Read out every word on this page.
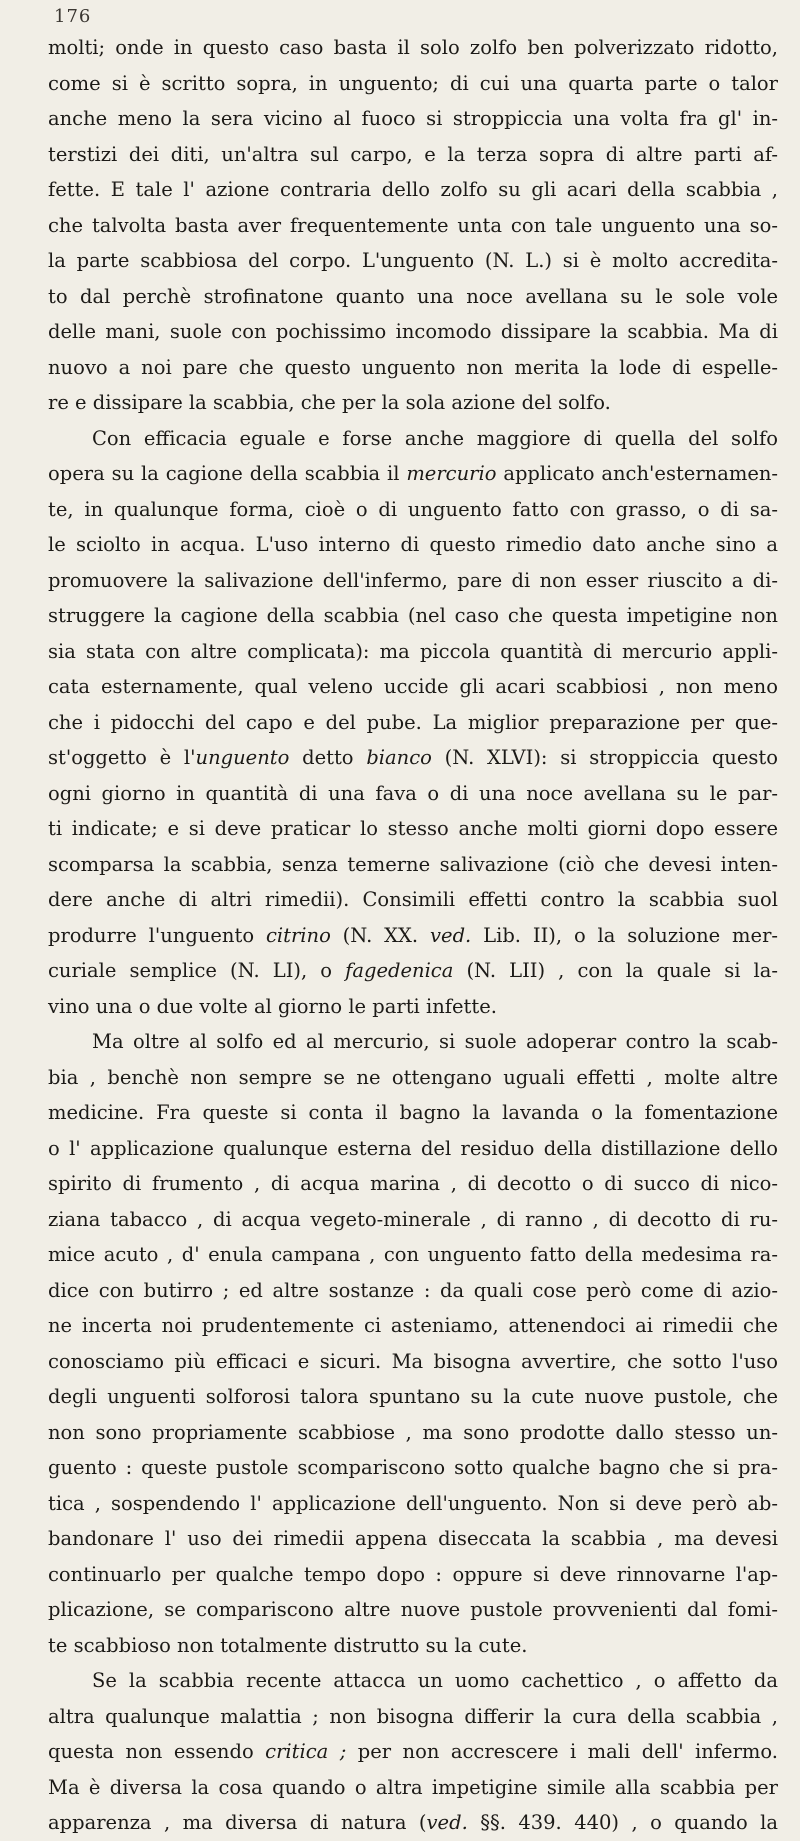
176
molti; onde in questo caso basta il solo zolfo ben polverizzato ridotto,
come si è scritto sopra, in unguento; di cui una quarta parte o talor
anche meno la sera vicino al fuoco si stroppiccia una volta fra gl' in-
terstizi dei diti, un'altra sul carpo, e la terza sopra di altre parti af-
fette. E tale l' azione contraria dello zolfo su gli acari della scabbia ,
che talvolta basta aver frequentemente unta con tale unguento una so-
la parte scabbiosa del corpo. L'unguento (N. L.) si è molto accredita-
to dal perchè strofinatone quanto una noce avellana su le sole vole
delle mani, suole con pochissimo incomodo dissipare la scabbia. Ma di
nuovo a noi pare che questo unguento non merita la lode di espelle-
re e dissipare la scabbia, che per la sola azione del solfo.
Con efficacia eguale e forse anche maggiore di quella del solfo
opera su la cagione della scabbia il mercurio applicato anch'esternamen-
te, in qualunque forma, cioè o di unguento fatto con grasso, o di sa-
le sciolto in acqua. L'uso interno di questo rimedio dato anche sino a
promuovere la salivazione dell'infermo, pare di non esser riuscito a di-
struggere la cagione della scabbia (nel caso che questa impetigine non
sia stata con altre complicata): ma piccola quantità di mercurio appli-
cata esternamente, qual veleno uccide gli acari scabbiosi , non meno
che i pidocchi del capo e del pube. La miglior preparazione per que-
st'oggetto è l'unguento detto bianco (N. XLVI): si stroppiccia questo
ogni giorno in quantità di una fava o di una noce avellana su le par-
ti indicate; e si deve praticar lo stesso anche molti giorni dopo essere
scomparsa la scabbia, senza temerne salivazione (ciò che devesi inten-
dere anche di altri rimedii). Consimili effetti contro la scabbia suol
produrre l'unguento citrino (N. XX. ved. Lib. II), o la soluzione mer-
curiale semplice (N. LI), o fagedenica (N. LII) , con la quale si la-
vino una o due volte al giorno le parti infette.
Ma oltre al solfo ed al mercurio, si suole adoperar contro la scab-
bia , benchè non sempre se ne ottengano uguali effetti , molte altre
medicine. Fra queste si conta il bagno la lavanda o la fomentazione
o l' applicazione qualunque esterna del residuo della distillazione dello
spirito di frumento , di acqua marina , di decotto o di succo di nico-
ziana tabacco , di acqua vegeto-minerale , di ranno , di decotto di ru-
mice acuto , d' enula campana , con unguento fatto della medesima ra-
dice con butirro ; ed altre sostanze : da quali cose però come di azio-
ne incerta noi prudentemente ci asteniamo, attenendoci ai rimedii che
conosciamo più efficaci e sicuri. Ma bisogna avvertire, che sotto l'uso
degli unguenti solforosi talora spuntano su la cute nuove pustole, che
non sono propriamente scabbiose , ma sono prodotte dallo stesso un-
guento : queste pustole scompariscono sotto qualche bagno che si pra-
tica , sospendendo l' applicazione dell'unguento. Non si deve però ab-
bandonare l' uso dei rimedii appena diseccata la scabbia , ma devesi
continuarlo per qualche tempo dopo : oppure si deve rinnovarne l'ap-
plicazione, se compariscono altre nuove pustole provvenienti dal fomi-
te scabbioso non totalmente distrutto su la cute.
Se la scabbia recente attacca un uomo cachettico , o affetto da
altra qualunque malattia ; non bisogna differir la cura della scabbia ,
questa non essendo critica ; per non accrescere i mali dell' infermo.
Ma è diversa la cosa quando o altra impetigine simile alla scabbia per
apparenza , ma diversa di natura (ved. §§. 439. 440) , o quando la
